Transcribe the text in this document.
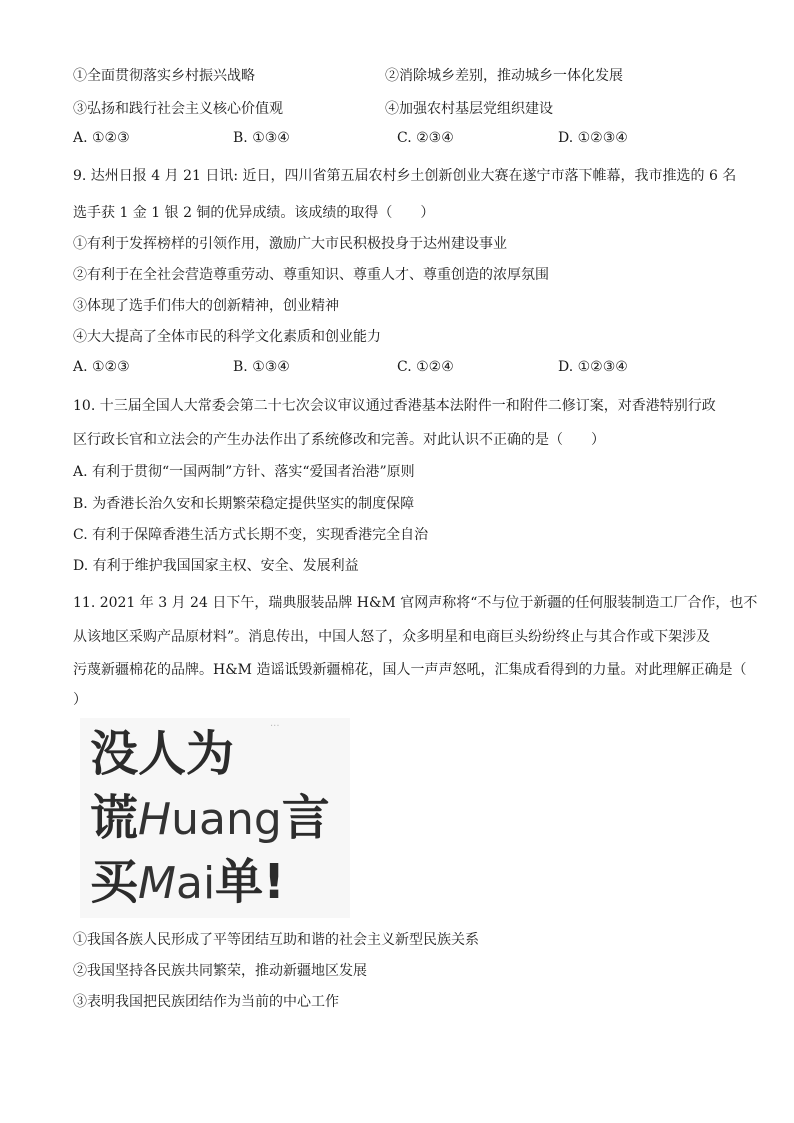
①全面贯彻落实乡村振兴战略	②消除城乡差别，推动城乡一体化发展
③弘扬和践行社会主义核心价值观	④加强农村基层党组织建设
A. ①②③	B. ①③④	C. ②③④	D. ①②③④
9. 达州日报 4 月 21 日讯: 近日，四川省第五届农村乡土创新创业大赛在遂宁市落下帷幕，我市推选的 6 名
选手获 1 金 1 银 2 铜的优异成绩。该成绩的取得（　　）
①有利于发挥榜样的引领作用，激励广大市民积极投身于达州建设事业
②有利于在全社会营造尊重劳动、尊重知识、尊重人才、尊重创造的浓厚氛围
③体现了选手们伟大的创新精神，创业精神
④大大提高了全体市民的科学文化素质和创业能力
A. ①②③	B. ①③④	C. ①②④	D. ①②③④
10. 十三届全国人大常委会第二十七次会议审议通过香港基本法附件一和附件二修订案，对香港特别行政
区行政长官和立法会的产生办法作出了系统修改和完善。对此认识不正确的是（　　）
A. 有利于贯彻“一国两制”方针、落实“爱国者治港”原则
B. 为香港长治久安和长期繁荣稳定提供坚实的制度保障
C. 有利于保障香港生活方式长期不变，实现香港完全自治
D. 有利于维护我国国家主权、安全、发展利益
11. 2021 年 3 月 24 日下午，瑞典服装品牌 H&M 官网声称将“不与位于新疆的任何服装制造工厂合作，也不
从该地区采购产品原材料”。消息传出，中国人怒了，众多明星和电商巨头纷纷终止与其合作或下架涉及
污蔑新疆棉花的品牌。H&M 造谣诋毁新疆棉花，国人一声声怒吼，汇集成看得到的力量。对此理解正确是（
）
...
没人为
谎Huang言
买Mai单!
①我国各族人民形成了平等团结互助和谐的社会主义新型民族关系
②我国坚持各民族共同繁荣，推动新疆地区发展
③表明我国把民族团结作为当前的中心工作
